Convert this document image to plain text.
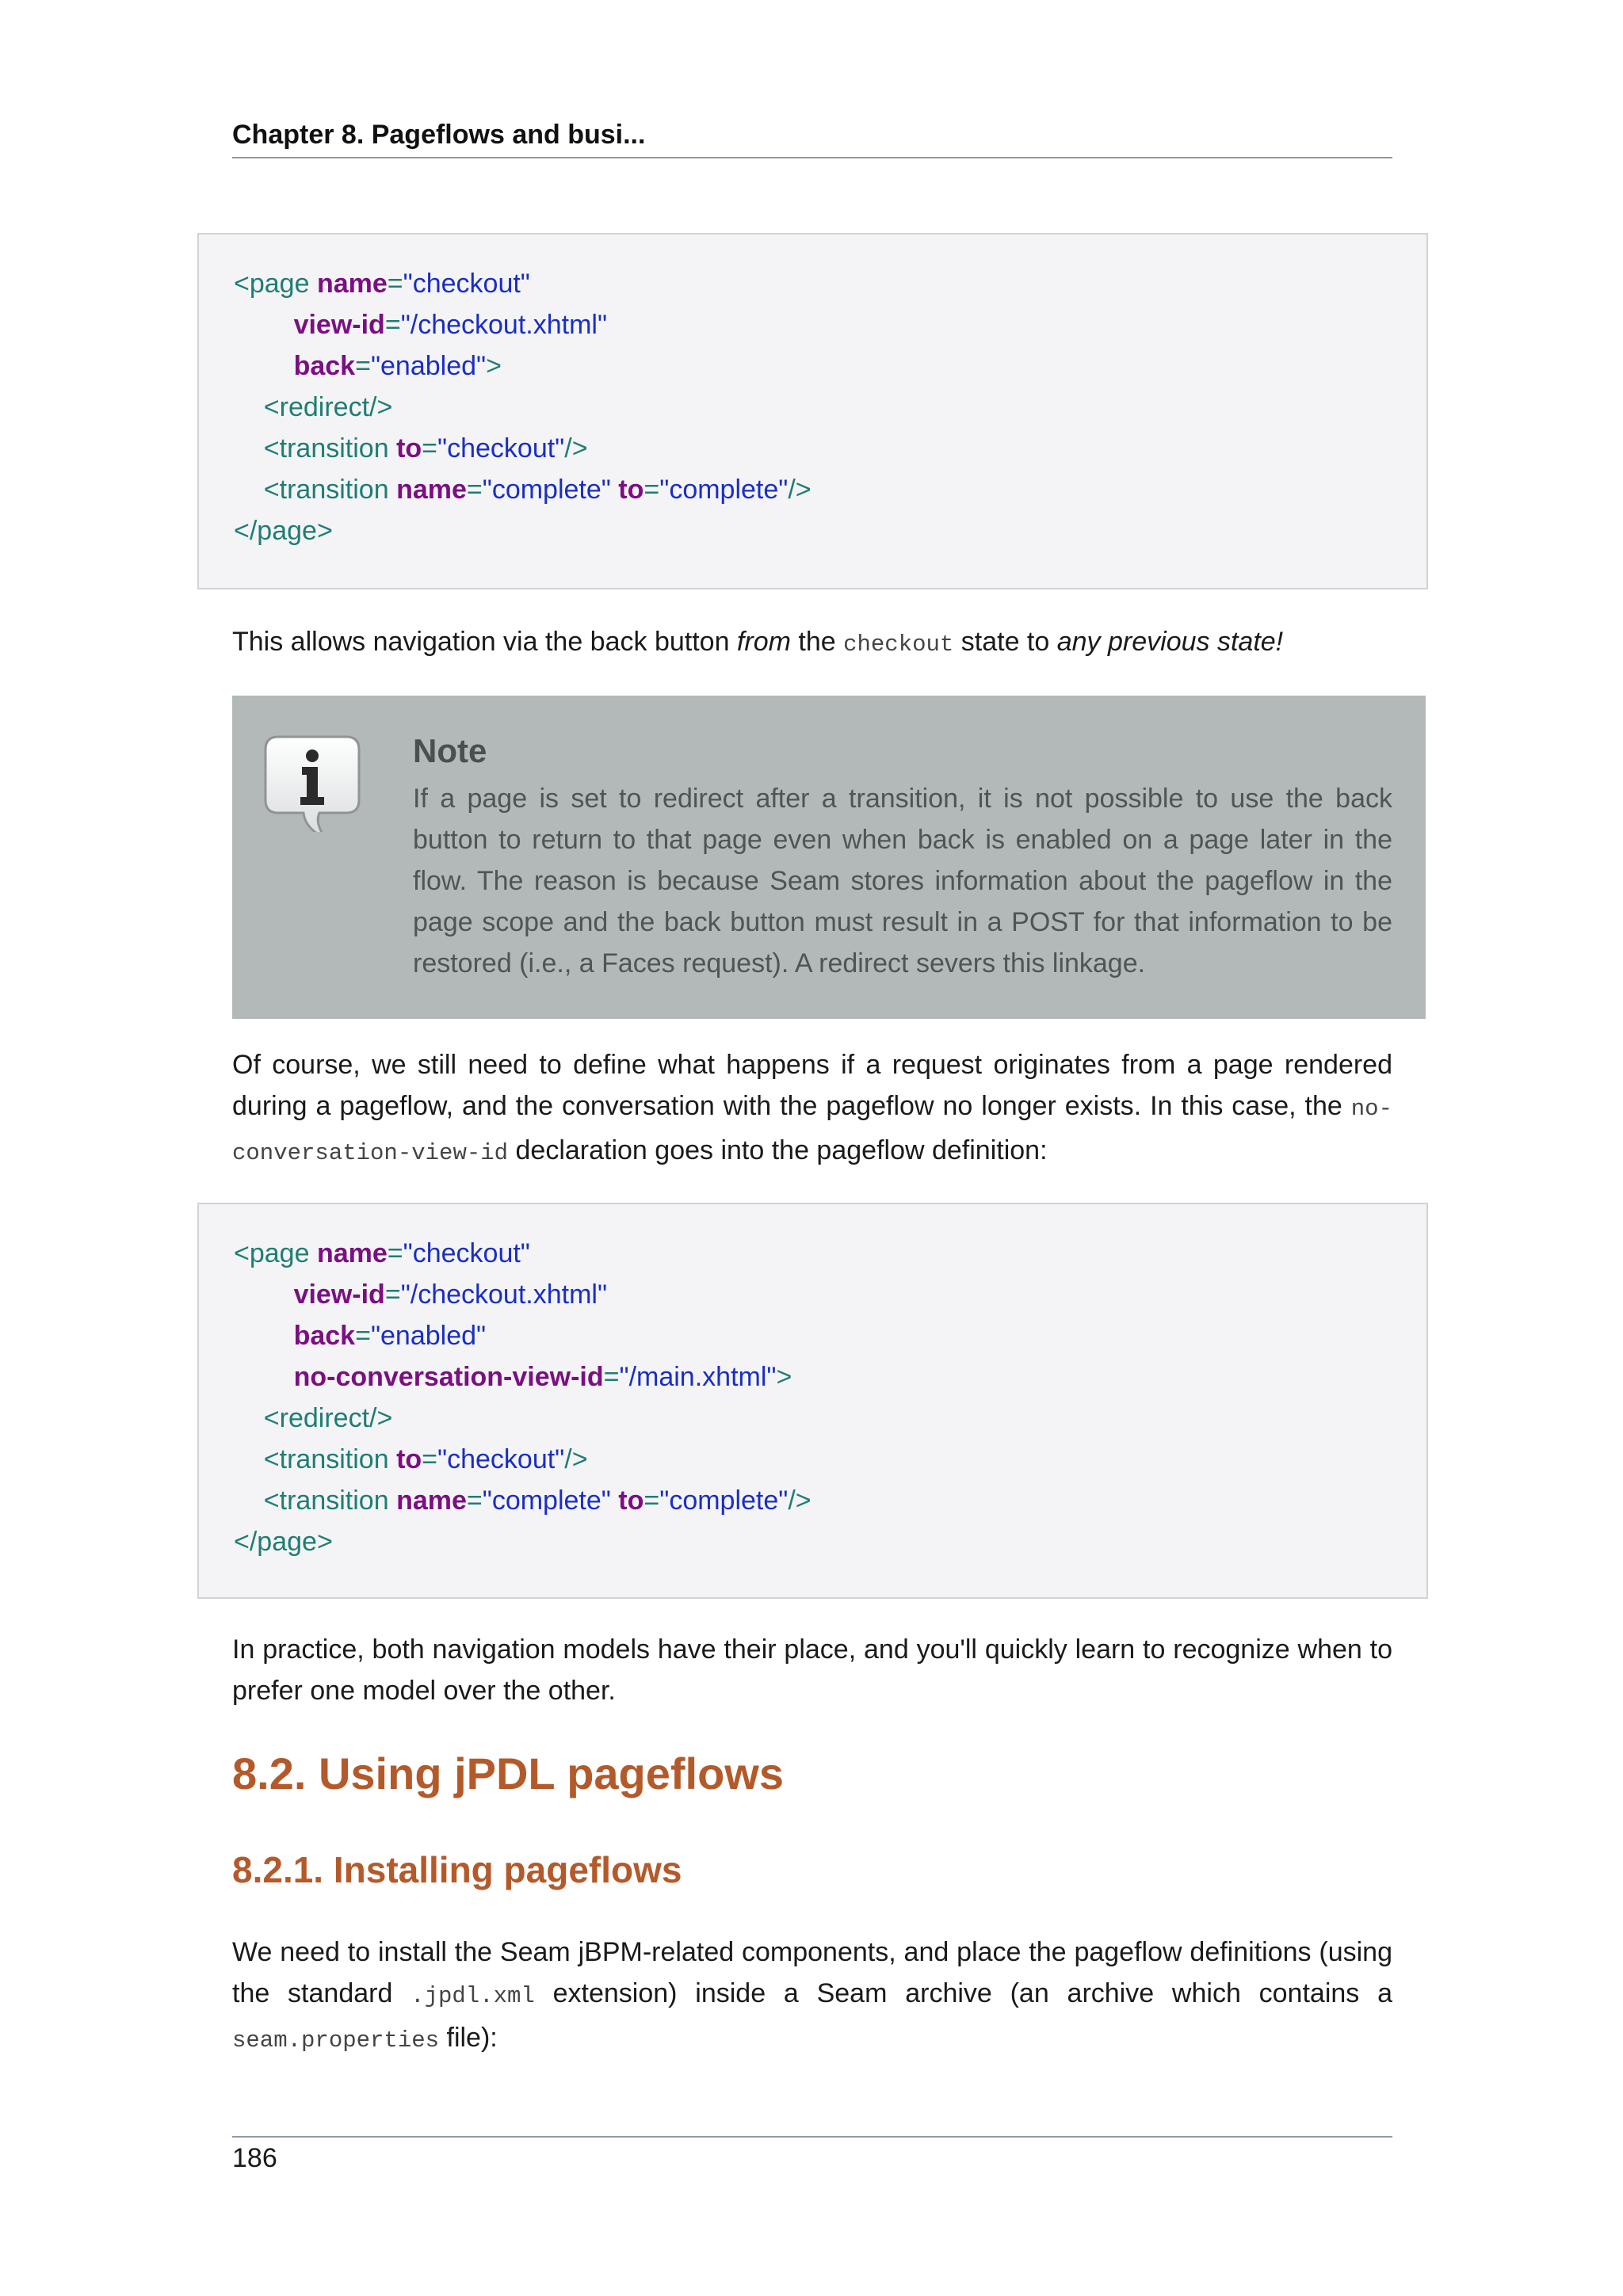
Chapter 8. Pageflows and busi...
<page name="checkout"
view-id="/checkout.xhtml"
back="enabled">
<redirect/>
<transition to="checkout"/>
<transition name="complete" to="complete"/>
</page>

This allows navigation via the back button from the checkout state to any previous state!

Note

If a page is set to redirect after a transition, it is not possible to use the back button to return to that page even when back is enabled on a page later in the flow. The reason is because Seam stores information about the pageflow in the page scope and the back button must result in a POST for that information to be restored (i.e., a Faces request). A redirect severs this linkage.

Of course, we still need to define what happens if a request originates from a page rendered during a pageflow, and the conversation with the pageflow no longer exists. In this case, the no-conversation-view-id declaration goes into the pageflow definition:

<page name="checkout"
view-id="/checkout.xhtml"
back="enabled"
no-conversation-view-id="/main.xhtml">
<redirect/>
<transition to="checkout"/>
<transition name="complete" to="complete"/>
</page>

In practice, both navigation models have their place, and you'll quickly learn to recognize when to prefer one model over the other.

8.2. Using jPDL pageflows
8.2.1. Installing pageflows

We need to install the Seam jBPM-related components, and place the pageflow definitions (using the standard .jpdl.xml extension) inside a Seam archive (an archive which contains a seam.properties file):

186
